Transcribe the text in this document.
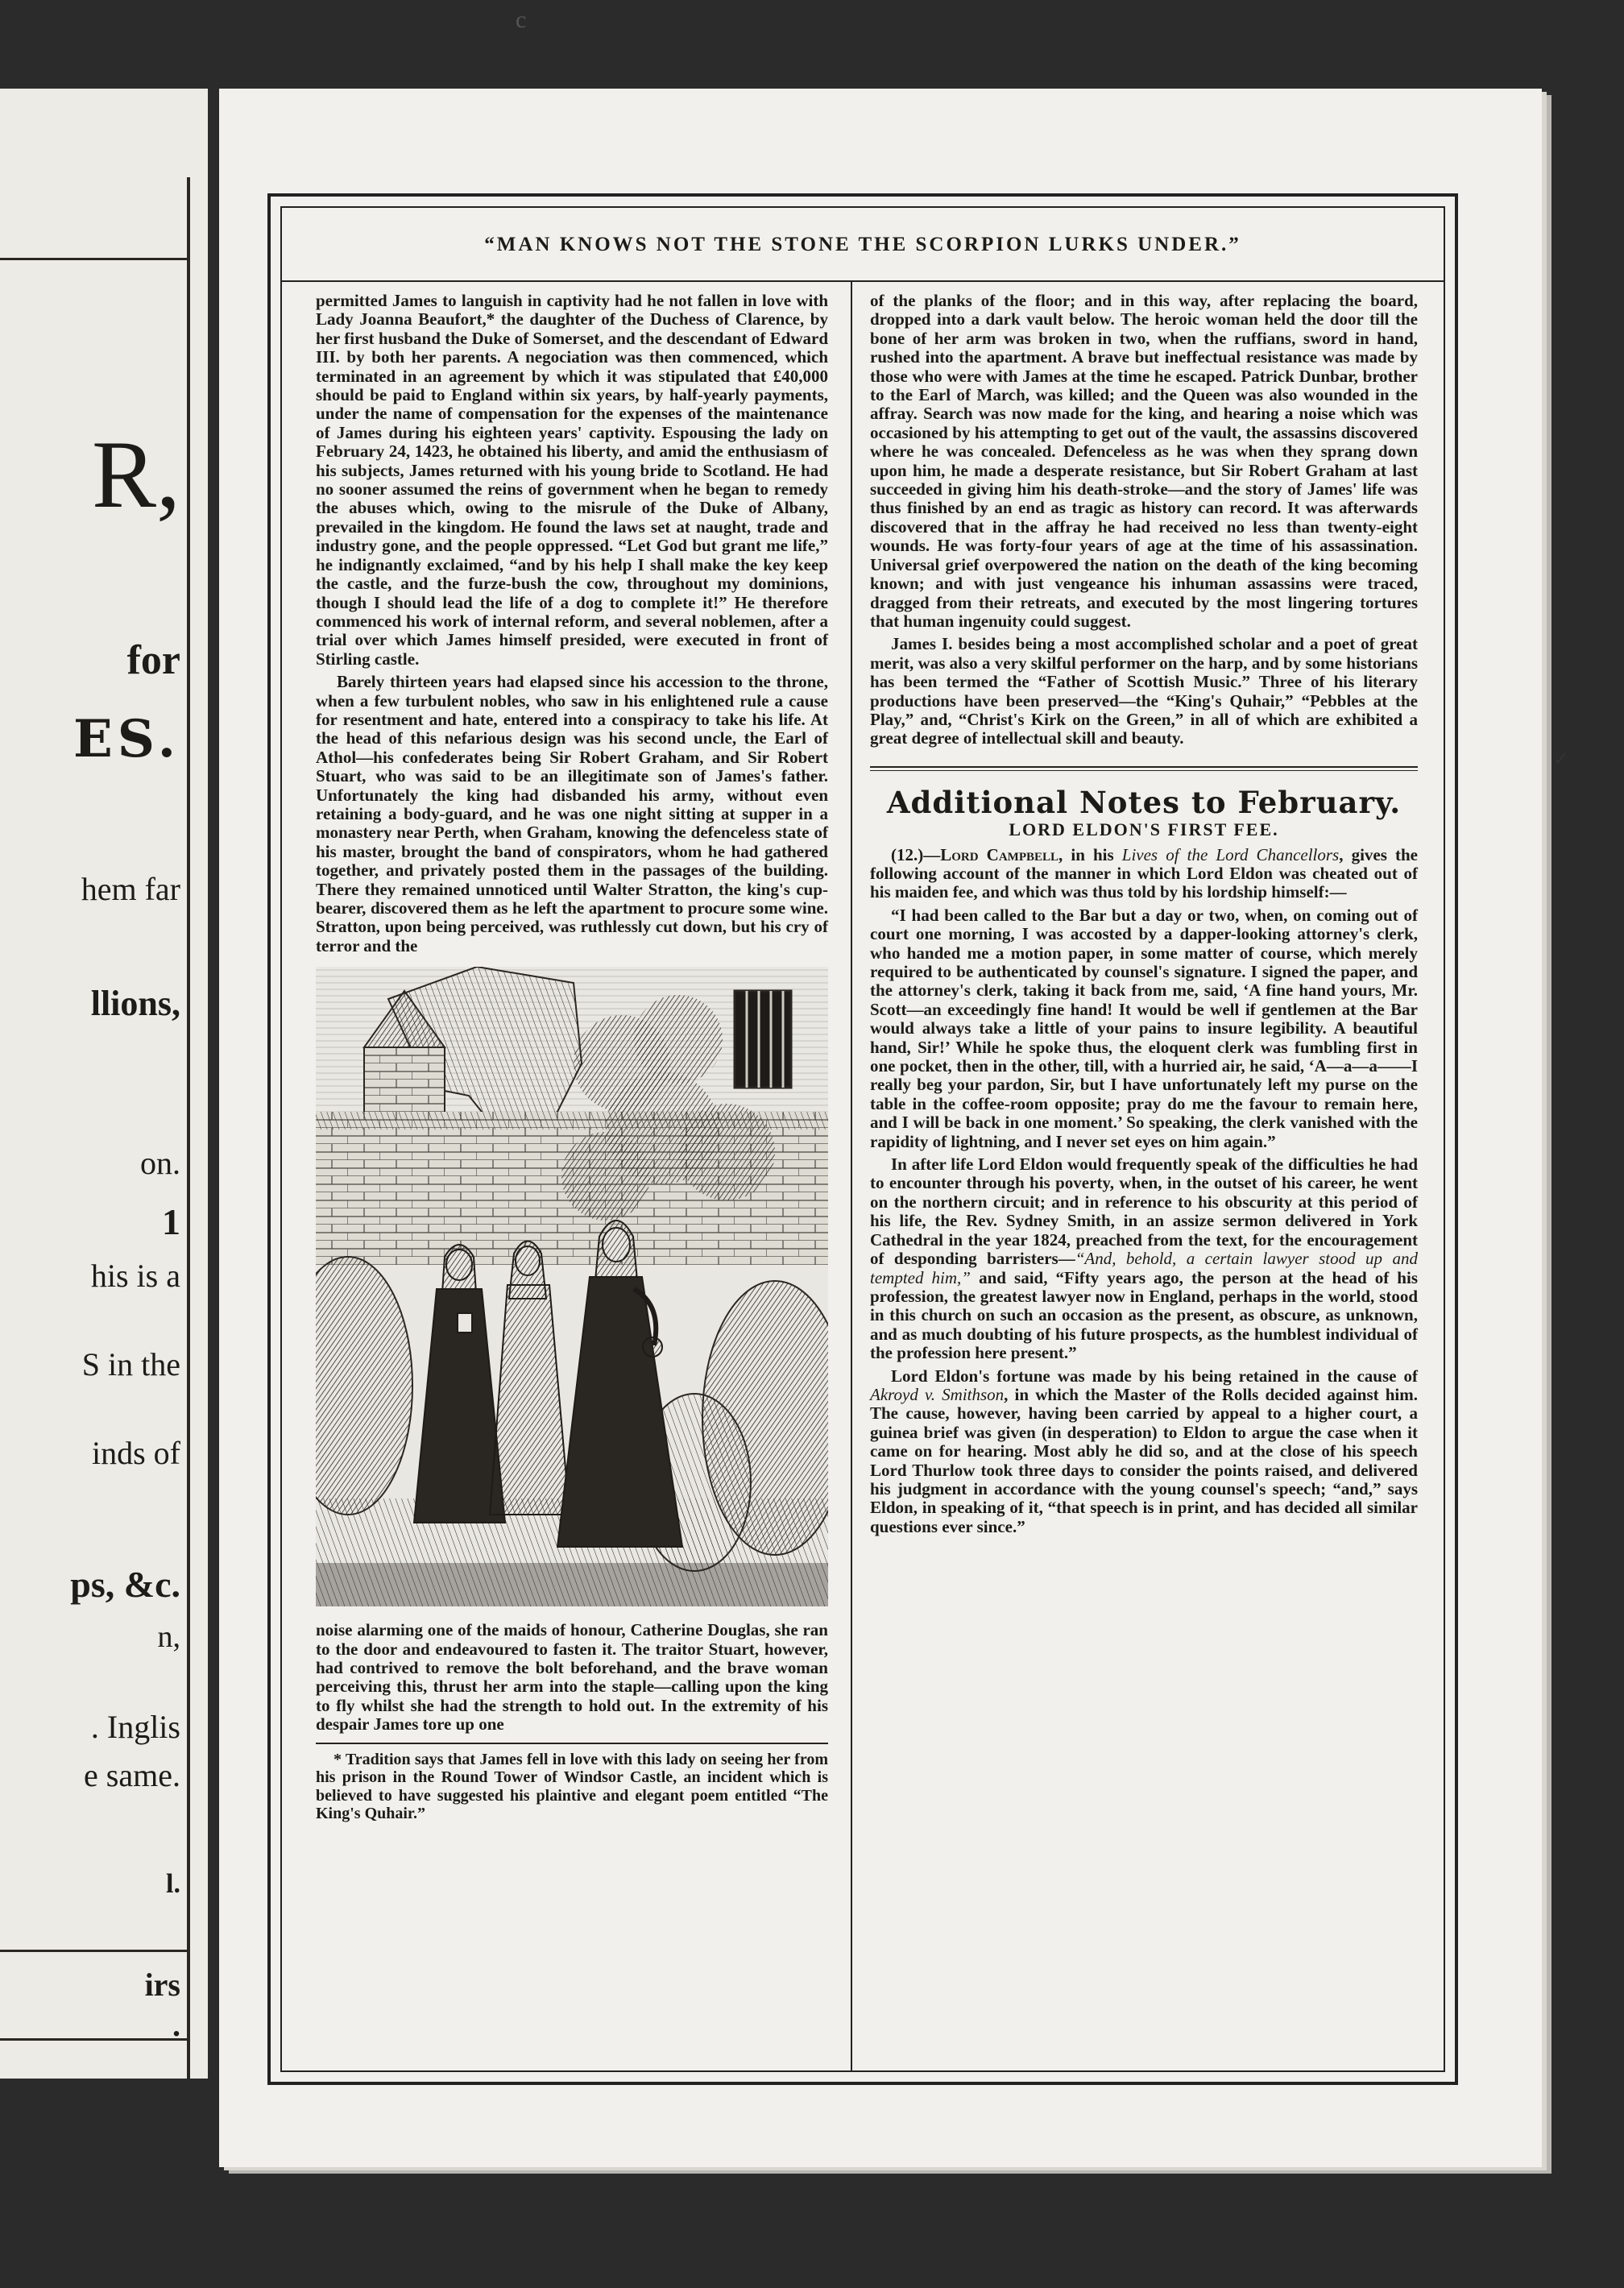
c
R,
for
ES.
hem far
llions,
on.
1
his is a
S in the
inds of
ps, &c.
n,
. Inglis
e same.
l.
irs
.
✓
“MAN KNOWS NOT THE STONE THE SCORPION LURKS UNDER.”

permitted James to languish in captivity had he not fallen in love with Lady Joanna Beaufort,* the daughter of the Duchess of Clarence, by her first husband the Duke of Somerset, and the descendant of Edward III. by both her parents. A negociation was then commenced, which terminated in an agreement by which it was stipulated that £40,000 should be paid to England within six years, by half-yearly payments, under the name of compensation for the expenses of the maintenance of James during his eighteen years' captivity. Espousing the lady on February 24, 1423, he obtained his liberty, and amid the enthusiasm of his subjects, James returned with his young bride to Scotland. He had no sooner assumed the reins of government when he began to remedy the abuses which, owing to the misrule of the Duke of Albany, prevailed in the kingdom. He found the laws set at naught, trade and industry gone, and the people oppressed. “Let God but grant me life,” he indignantly exclaimed, “and by his help I shall make the key keep the castle, and the furze-bush the cow, throughout my dominions, though I should lead the life of a dog to complete it!” He therefore commenced his work of internal reform, and several noblemen, after a trial over which James himself presided, were executed in front of Stirling castle.

Barely thirteen years had elapsed since his accession to the throne, when a few turbulent nobles, who saw in his enlightened rule a cause for resentment and hate, entered into a conspiracy to take his life. At the head of this nefarious design was his second uncle, the Earl of Athol—his confederates being Sir Robert Graham, and Sir Robert Stuart, who was said to be an illegitimate son of James's father. Unfortunately the king had disbanded his army, without even retaining a body-guard, and he was one night sitting at supper in a monastery near Perth, when Graham, knowing the defenceless state of his master, brought the band of conspirators, whom he had gathered together, and privately posted them in the passages of the building. There they remained unnoticed until Walter Stratton, the king's cup-bearer, discovered them as he left the apartment to procure some wine. Stratton, upon being perceived, was ruthlessly cut down, but his cry of terror and the

noise alarming one of the maids of honour, Catherine Douglas, she ran to the door and endeavoured to fasten it. The traitor Stuart, however, had contrived to remove the bolt beforehand, and the brave woman perceiving this, thrust her arm into the staple—calling upon the king to fly whilst she had the strength to hold out. In the extremity of his despair James tore up one

* Tradition says that James fell in love with this lady on seeing her from his prison in the Round Tower of Windsor Castle, an incident which is believed to have suggested his plaintive and elegant poem entitled “The King's Quhair.”

of the planks of the floor; and in this way, after replacing the board, dropped into a dark vault below. The heroic woman held the door till the bone of her arm was broken in two, when the ruffians, sword in hand, rushed into the apartment. A brave but ineffectual resistance was made by those who were with James at the time he escaped. Patrick Dunbar, brother to the Earl of March, was killed; and the Queen was also wounded in the affray. Search was now made for the king, and hearing a noise which was occasioned by his attempting to get out of the vault, the assassins discovered where he was concealed. Defenceless as he was when they sprang down upon him, he made a desperate resistance, but Sir Robert Graham at last succeeded in giving him his death-stroke—and the story of James' life was thus finished by an end as tragic as history can record. It was afterwards discovered that in the affray he had received no less than twenty-eight wounds. He was forty-four years of age at the time of his assassination. Universal grief overpowered the nation on the death of the king becoming known; and with just vengeance his inhuman assassins were traced, dragged from their retreats, and executed by the most lingering tortures that human ingenuity could suggest.

James I. besides being a most accomplished scholar and a poet of great merit, was also a very skilful performer on the harp, and by some historians has been termed the “Father of Scottish Music.” Three of his literary productions have been preserved—the “King's Quhair,” “Pebbles at the Play,” and, “Christ's Kirk on the Green,” in all of which are exhibited a great degree of intellectual skill and beauty.

Additional Notes to February.
LORD ELDON'S FIRST FEE.

(12.)—Lord Campbell, in his Lives of the Lord Chancellors, gives the following account of the manner in which Lord Eldon was cheated out of his maiden fee, and which was thus told by his lordship himself:—

“I had been called to the Bar but a day or two, when, on coming out of court one morning, I was accosted by a dapper-looking attorney's clerk, who handed me a motion paper, in some matter of course, which merely required to be authenticated by counsel's signature. I signed the paper, and the attorney's clerk, taking it back from me, said, ‘A fine hand yours, Mr. Scott—an exceedingly fine hand! It would be well if gentlemen at the Bar would always take a little of your pains to insure legibility. A beautiful hand, Sir!’ While he spoke thus, the eloquent clerk was fumbling first in one pocket, then in the other, till, with a hurried air, he said, ‘A—a—a——I really beg your pardon, Sir, but I have unfortunately left my purse on the table in the coffee-room opposite; pray do me the favour to remain here, and I will be back in one moment.’ So speaking, the clerk vanished with the rapidity of lightning, and I never set eyes on him again.”

In after life Lord Eldon would frequently speak of the difficulties he had to encounter through his poverty, when, in the outset of his career, he went on the northern circuit; and in reference to his obscurity at this period of his life, the Rev. Sydney Smith, in an assize sermon delivered in York Cathedral in the year 1824, preached from the text, for the encouragement of desponding barristers—“And, behold, a certain lawyer stood up and tempted him,” and said, “Fifty years ago, the person at the head of his profession, the greatest lawyer now in England, perhaps in the world, stood in this church on such an occasion as the present, as obscure, as unknown, and as much doubting of his future prospects, as the humblest individual of the profession here present.”

Lord Eldon's fortune was made by his being retained in the cause of Akroyd v. Smithson, in which the Master of the Rolls decided against him. The cause, however, having been carried by appeal to a higher court, a guinea brief was given (in desperation) to Eldon to argue the case when it came on for hearing. Most ably he did so, and at the close of his speech Lord Thurlow took three days to consider the points raised, and delivered his judgment in accordance with the young counsel's speech; “and,” says Eldon, in speaking of it, “that speech is in print, and has decided all similar questions ever since.”
